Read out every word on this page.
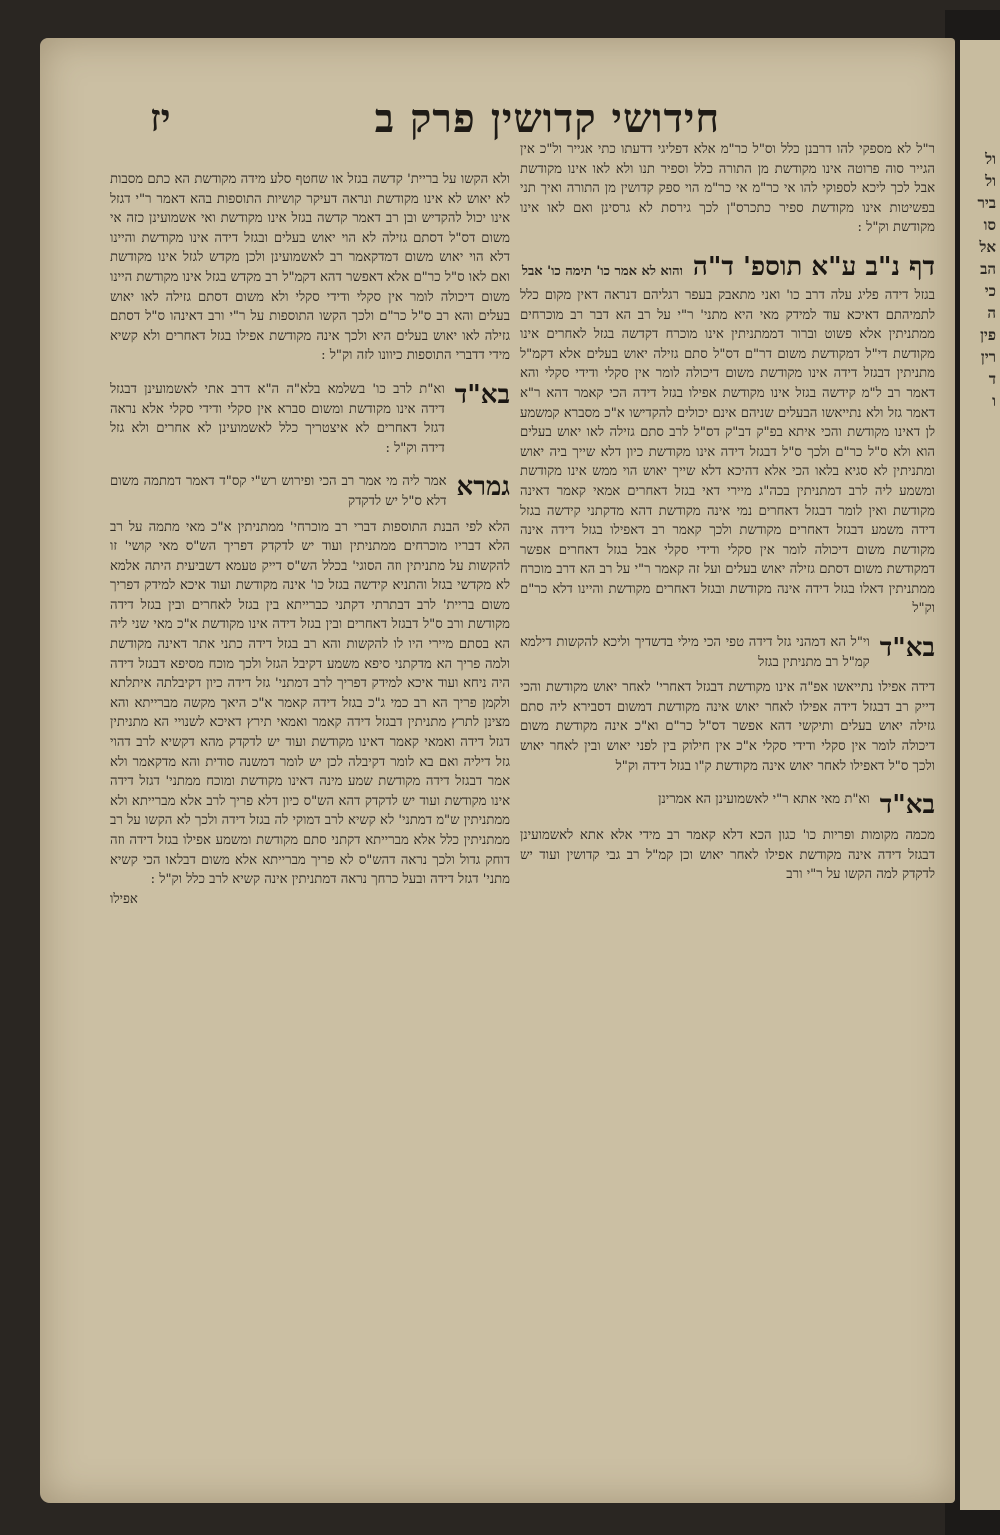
ול
ול
ביר
סו
אל
הב
כי
ה
פין
רין
ד
ו
חידושי קדושין פרק ב
יז

ר"ל לא מספקי להו דרבנן כלל וס"ל כר"מ אלא דפליגי דדעתו כתי אגייר ול"כ אין הגייר סוה פרוטה אינו מקודשת מן התורה כלל וספיר תנו ולא לאו אינו מקודשת אבל לכך ליכא לספוקי להו אי כר"מ אי כר"מ הוי ספק קדושין מן התורה ואיך תני בפשיטות אינו מקודשת ספיר כתכרס"ן לכך גירסת לא גרסינן ואם לאו אינו מקודשת וק"ל :

דף נ"ב ע"א תוספ' ד"ה
והוא לא אמר כו' תימה כו' אבל

בגזל דידה פליג עלה דרב כו' ואני מתאבק בעפר רגליהם דנראה דאין מקום כלל לתמיהתם דאיכא עוד למידק מאי היא מתני' ר"י על רב הא דבר רב מוכרחים ממתניתין אלא פשוט וברור דממתניתין אינו מוכרח דקדשה בגזל לאחרים אינו מקודשת די"ל דמקודשת משום דר"ם דס"ל סתם גזילה יאוש בעלים אלא דקמ"ל מתניתין דבגזל דידה אינו מקודשת משום דיכולה לומר אין סקלי ודידי סקלי והא דאמר רב ל"מ קידשה בגזל אינו מקודשת אפילו בגזל דידה הכי קאמר דהא ר"א דאמר גזל ולא נתייאשו הבעלים שניהם אינם יכולים להקדישו א"כ מסברא קמשמע לן דאינו מקודשת והכי איתא בפ"ק דב"ק דס"ל לרב סתם גזילה לאו יאוש בעלים הוא ולא ס"ל כר"ם ולכך ס"ל דבגזל דידה אינו מקודשת כיון דלא שייך ביה יאוש ומתניתין לא סגיא בלאו הכי אלא דהיכא דלא שייך יאוש הוי ממש אינו מקודשת ומשמע ליה לרב דמתניתין בכה"ג מיירי דאי בגזל דאחרים אמאי קאמר דאינה מקודשת ואין לומר דבגזל דאחרים נמי אינה מקודשת דהא מדקתני קידשה בגזל דידה משמע דבגזל דאחרים מקודשת ולכך קאמר רב דאפילו בגזל דידה אינה מקודשת משום דיכולה לומר אין סקלי ודידי סקלי אבל בגזל דאחרים אפשר דמקודשת משום דסתם גזילה יאוש בעלים ועל זה קאמר ר"י על רב הא דרב מוכרח ממתניתין דאלו בגזל דידה אינה מקודשת ובגזל דאחרים מקודשת והיינו דלא כר"ם וק"ל

בא"ד
וי"ל הא דמהני גזל דידה טפי הכי מילי בדשדיך וליכא להקשות דילמא קמ"ל רב מתניתין בגזל

דידה אפילו נתייאשו אפ"ה אינו מקודשת דבגזל דאחרי' לאחר יאוש מקודשת והכי דייק רב דבגזל דידה אפילו לאחר יאוש אינה מקודשת דמשום דסבירא ליה סתם גזילה יאוש בעלים ותיקשי דהא אפשר דס"ל כר"ם וא"כ אינה מקודשת משום דיכולה לומר אין סקלי ודידי סקלי א"כ אין חילוק בין לפני יאוש ובין לאחר יאוש ולכך ס"ל דאפילו לאחר יאוש אינה מקודשת ק"ו בגזל דידה וק"ל

בא"ד
וא"ת מאי אתא ר"י לאשמועינן הא אמרינן

מכמה מקומות ופריות כו' כגון הכא דלא קאמר רב מידי אלא אתא לאשמועינן דבגזל דידה אינה מקודשת אפילו לאחר יאוש וכן קמ"ל רב גבי קדושין ועוד יש לדקדק למה הקשו על ר"י ורב

ולא הקשו על בריית' קדשה בגזל או שחטף סלע מידה מקודשת הא כתם מסבות לא יאוש לא אינו מקודשת ונראה דעיקר קושיות התוספות בהא דאמר ר"י דגזל אינו יכול להקדיש ובן רב דאמר קדשה בגזל אינו מקודשת ואי אשמועינן כזה אי משום דס"ל דסתם גזילה לא הוי יאוש בעלים ובגזל דידה אינו מקודשת והיינו דלא הוי יאוש משום דמדקאמר רב לאשמועינן ולכן מקדש לגזל אינו מקודשת ואם לאו ס"ל כר"ם אלא דאפשר דהא דקמ"ל רב מקדש בגזל אינו מקודשת היינו משום דיכולה לומר אין סקלי ודידי סקלי ולא משום דסתם גזילה לאו יאוש בעלים והא רב ס"ל כר"ם ולכך הקשו התוספות על ר"י ורב דאינהו ס"ל דסתם גזילה לאו יאוש בעלים היא ולכך אינה מקודשת אפילו בגזל דאחרים ולא קשיא מידי דדברי התוספות כיוונו לזה וק"ל :

בא"ד
וא"ת לרב כו' בשלמא בלא"ה ה"א דרב אתי לאשמועינן דבגזל דידה אינו מקודשת ומשום סברא אין סקלי ודידי סקלי אלא נראה דגזל דאחרים לא איצטריך כלל לאשמועינן לא אחרים ולא גזל דידה וק"ל :
גמרא
אמר ליה מי אמר רב הכי ופירוש רש"י קס"ד דאמר דמתמה משום דלא ס"ל יש לדקדק

הלא לפי הבנת התוספות דברי רב מוכרחי' ממתניתין א"כ מאי מתמה על רב הלא דבריו מוכרחים ממתניתין ועוד יש לדקדק דפריך הש"ס מאי קושי' זו להקשות על מתניתין וזה הסוגי' בכלל הש"ס דייק טעמא דשביעית היתה אלמא לא מקדשי בגזל והתניא קידשה בגזל כו' אינה מקודשת ועוד איכא למידק דפריך משום בריית' לרב דבתרתי דקתני כברייתא בין בגזל לאחרים ובין בגזל דידה מקודשת ורב ס"ל דבגזל דאחרים ובין בגזל דידה אינו מקודשת א"כ מאי שני ליה הא בסתם מיירי היו לו להקשות והא רב בגזל דידה כתני אתר דאינה מקודשת ולמה פריך הא מדקתני סיפא משמע דקיבל הגזל ולכך מוכח מסיפא דבגזל דידה היה ניחא ועוד איכא למידק דפריך לרב דמתני' גזל דידה כיון דקיבלתה איתלתא ולקמן פריך הא רב כמי ג"כ בגזל דידה קאמר א"כ היאך מקשה מברייתא והא מצינן לתרץ מתניתין דבגזל דידה קאמר ואמאי תירץ דאיכא לשנויי הא מתניתין דגזל דידה ואמאי קאמר דאינו מקודשת ועוד יש לדקדק מהא דקשיא לרב דהוי גזל דיליה ואם בא לומר דקיבלה לכן יש לומר דמשנה סודית והא מדקאמר ולא אמר דבגזל דידה מקודשת שמע מינה דאינו מקודשת ומוכח ממתני' דגזל דידה אינו מקודשת ועוד יש לדקדק דהא הש"ס כיון דלא פריך לרב אלא מברייתא ולא ממתניתין ש"מ דמתני' לא קשיא לרב דמוקי לה בגזל דידה ולכך לא הקשו על רב ממתניתין כלל אלא מברייתא דקתני סתם מקודשת ומשמע אפילו בגזל דידה וזה דוחק גדול ולכך נראה דהש"ס לא פריך מברייתא אלא משום דבלאו הכי קשיא מתני' דגזל דידה ובעל כרחך נראה דמתניתין אינה קשיא לרב כלל וק"ל :

אפילו
